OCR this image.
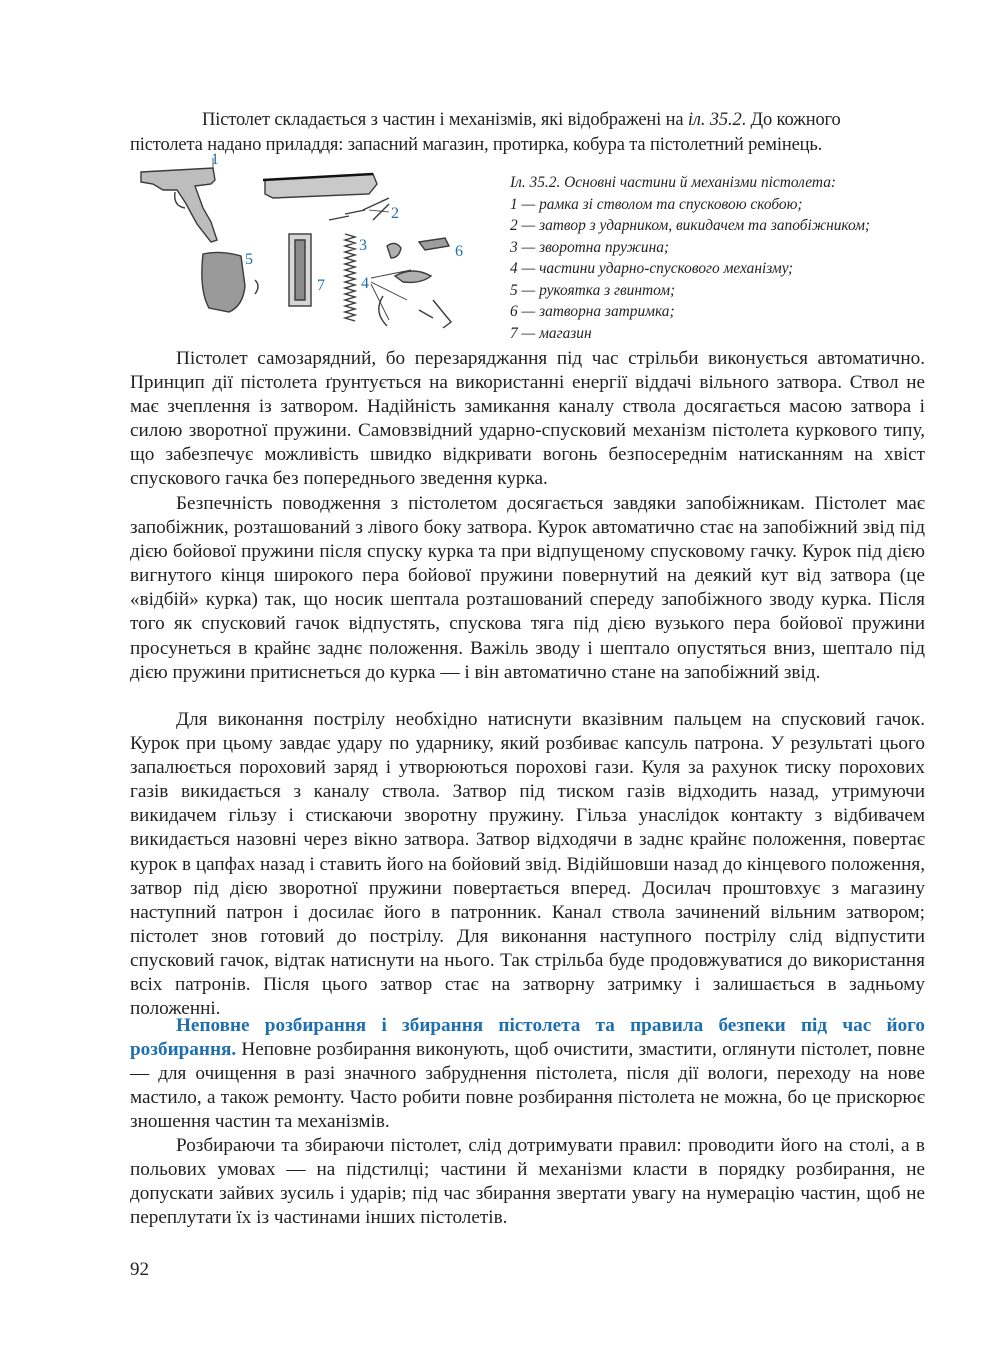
Пістолет складається з частин і механізмів, які відображені на іл. 35.2. До кожного
пістолета надано приладдя: запасний магазин, протирка, кобура та пістолетний ремінець.
1
2
3
4
5	6
7
Іл. 35.2. Основні частини й механізми пістолета:
1 — рамка зі стволом та спусковою скобою;
2 — затвор з ударником, викидачем та запобіжником;
3 — зворотна пружина;
4 — частини ударно-спускового механізму;
5 — рукоятка з гвинтом;
6 — затворна затримка;
7 — магазин

Пістолет самозарядний, бо перезаряджання під час стрільби виконується автоматично. Принцип дії пістолета ґрунтується на використанні енергії віддачі вільного затвора. Ствол не має зчеплення із затвором. Надійність замикання каналу ствола досягається масою затвора і силою зворотної пружини. Самовзвідний ударно-спусковий механізм пістолета куркового типу, що забезпечує можливість швидко відкривати вогонь безпосереднім натисканням на хвіст спускового гачка без попереднього зведення курка.

Безпечність поводження з пістолетом досягається завдяки запобіжникам. Пістолет має запобіжник, розташований з лівого боку затвора. Курок автоматично стає на запобіжний звід під дією бойової пружини після спуску курка та при відпущеному спусковому гачку. Курок під дією вигнутого кінця широкого пера бойової пружини повернутий на деякий кут від затвора (це «відбій» курка) так, що носик шептала розташований спереду запобіжного зводу курка. Після того як спусковий гачок відпустять, спускова тяга під дією вузького пера бойової пружини просунеться в крайнє заднє положення. Важіль зводу і шептало опустяться вниз, шептало під дією пружини притиснеться до курка — і він автоматично стане на запобіжний звід.

Для виконання пострілу необхідно натиснути вказівним пальцем на спусковий гачок. Курок при цьому завдає удару по ударнику, який розбиває капсуль патрона. У результаті цього запалюється пороховий заряд і утворюються порохові гази. Куля за рахунок тиску порохових газів викидається з каналу ствола. Затвор під тиском газів відходить назад, утримуючи викидачем гільзу і стискаючи зворотну пружину. Гільза унаслідок контакту з відбивачем викидається назовні через вікно затвора. Затвор відходячи в заднє крайнє положення, повертає курок в цапфах назад і ставить його на бойовий звід. Відійшовши назад до кінцевого положення, затвор під дією зворотної пружини повертається вперед. Досилач проштовхує з магазину наступний патрон і досилає його в патронник. Канал ствола зачинений вільним затвором; пістолет знов готовий до пострілу. Для виконання наступного пострілу слід відпустити спусковий гачок, відтак натиснути на нього. Так стрільба буде продовжуватися до використання всіх патронів. Після цього затвор стає на затворну затримку і залишається в задньому положенні.

Неповне розбирання і збирання пістолета та правила безпеки під час його розбирання. Неповне розбирання виконують, щоб очистити, змастити, оглянути пістолет, повне — для очищення в разі значного забруднення пістолета, після дії вологи, переходу на нове мастило, а також ремонту. Часто робити повне розбирання пістолета не можна, бо це прискорює зношення частин та механізмів.

Розбираючи та збираючи пістолет, слід дотримувати правил: проводити його на столі, а в польових умовах — на підстилці; частини й механізми класти в порядку розбирання, не допускати зайвих зусиль і ударів; під час збирання звертати увагу на нумерацію частин, щоб не переплутати їх із частинами інших пістолетів.

92
